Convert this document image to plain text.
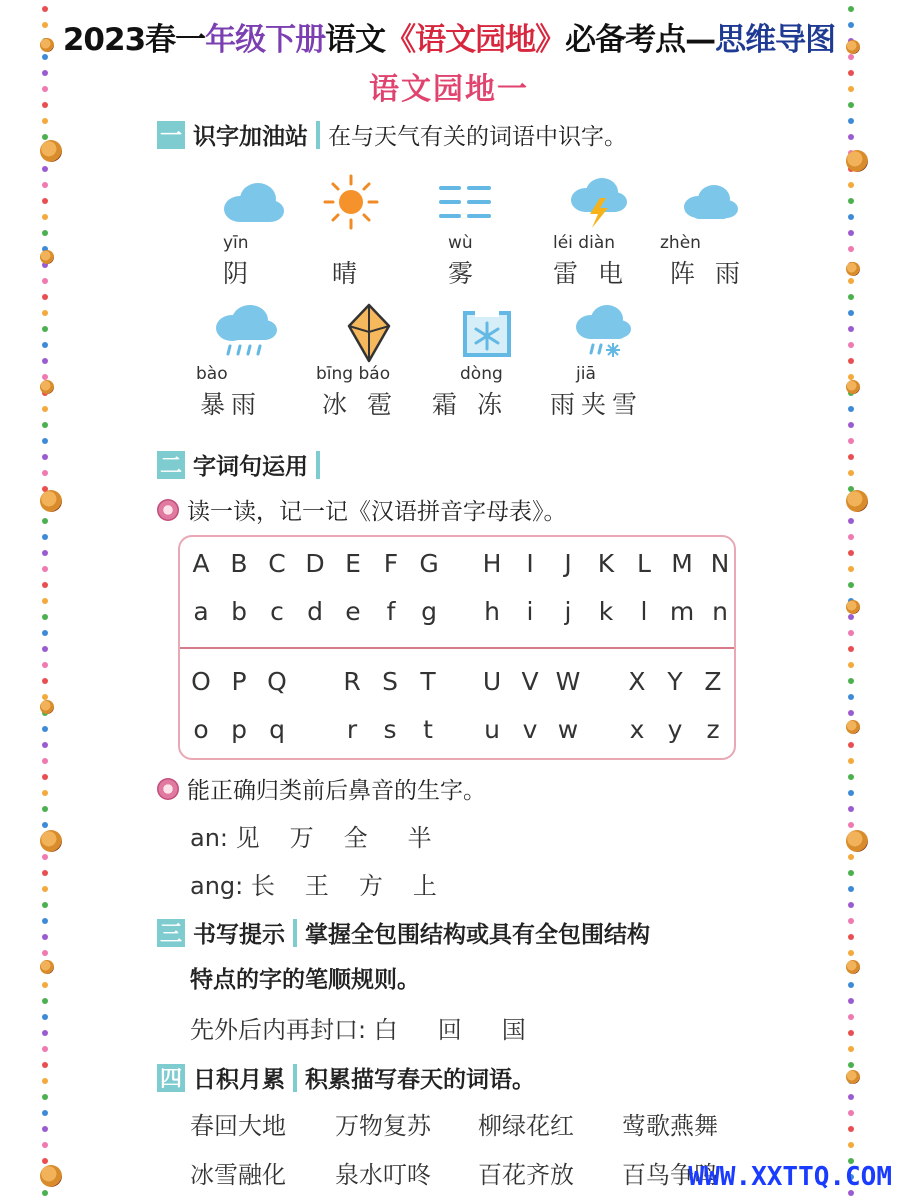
2023春一年级下册语文《语文园地》必备考点—思维导图
语文园地一
一 识字加油站 在与天气有关的词语中识字。
yīn
阴	晴
wù
雾
léi diàn
雷 电
zhèn
阵 雨
bào
暴雨
bīng báo
冰 雹
dòng
霜 冻
jiā
雨夹雪
二 字词句运用
读一读，记一记《汉语拼音字母表》。
A B C D E F G H I	J	K L M N
a b c d e	f	g h	i	j	k	l m n
O P Q R S T U V W X Y Z
o p q	r	s	t	u v w	x y z
能正确归类前后鼻音的生字。
an: 见 万 全 半
ang: 长 王 方 上
三 书写提示 掌握全包围结构或具有全包围结构
特点的字的笔顺规则。
先外后内再封口: 白 回 国
四 日积月累 积累描写春天的词语。
春回大地 万物复苏 柳绿花红 莺歌燕舞
冰雪融化 泉水叮咚 百花齐放 百鸟争鸣
WWW.XXTTQ.COM
